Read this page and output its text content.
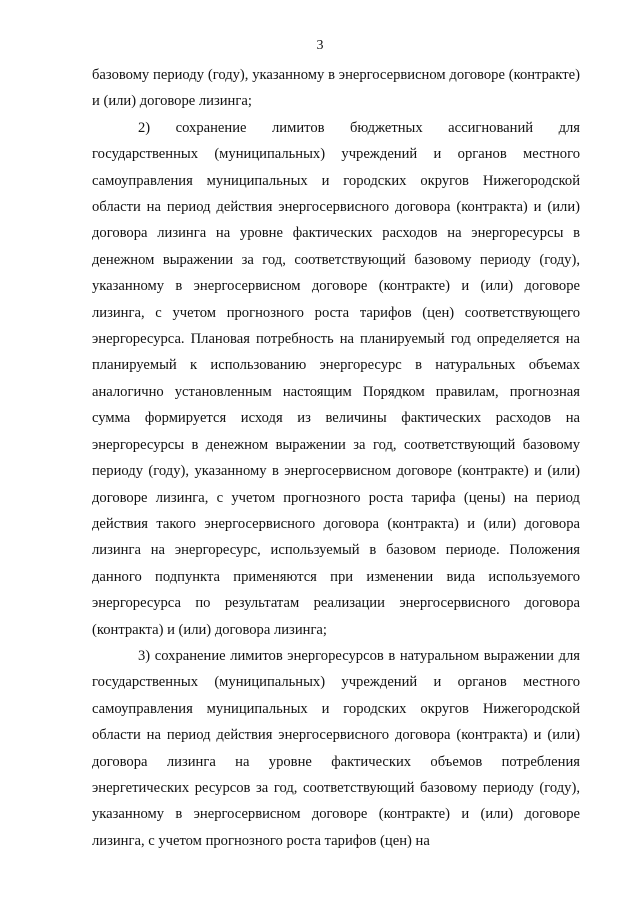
3

базовому периоду (году), указанному в энергосервисном договоре (контракте) и (или) договоре лизинга;

2) сохранение лимитов бюджетных ассигнований для государственных (муниципальных) учреждений и органов местного самоуправления муниципальных и городских округов Нижегородской области на период действия энергосервисного договора (контракта) и (или) договора лизинга на уровне фактических расходов на энергоресурсы в денежном выражении за год, соответствующий базовому периоду (году), указанному в энергосервисном договоре (контракте) и (или) договоре лизинга, с учетом прогнозного роста тарифов (цен) соответствующего энергоресурса. Плановая потребность на планируемый год определяется на планируемый к использованию энергоресурс в натуральных объемах аналогично установленным настоящим Порядком правилам, прогнозная сумма формируется исходя из величины фактических расходов на энергоресурсы в денежном выражении за год, соответствующий базовому периоду (году), указанному в энергосервисном договоре (контракте) и (или) договоре лизинга, с учетом прогнозного роста тарифа (цены) на период действия такого энергосервисного договора (контракта) и (или) договора лизинга на энергоресурс, используемый в базовом периоде. Положения данного подпункта применяются при изменении вида используемого энергоресурса по результатам реализации энергосервисного договора (контракта) и (или) договора лизинга;

3) сохранение лимитов энергоресурсов в натуральном выражении для государственных (муниципальных) учреждений и органов местного самоуправления муниципальных и городских округов Нижегородской области на период действия энергосервисного договора (контракта) и (или) договора лизинга на уровне фактических объемов потребления энергетических ресурсов за год, соответствующий базовому периоду (году), указанному в энергосервисном договоре (контракте) и (или) договоре лизинга, с учетом прогнозного роста тарифов (цен) на
